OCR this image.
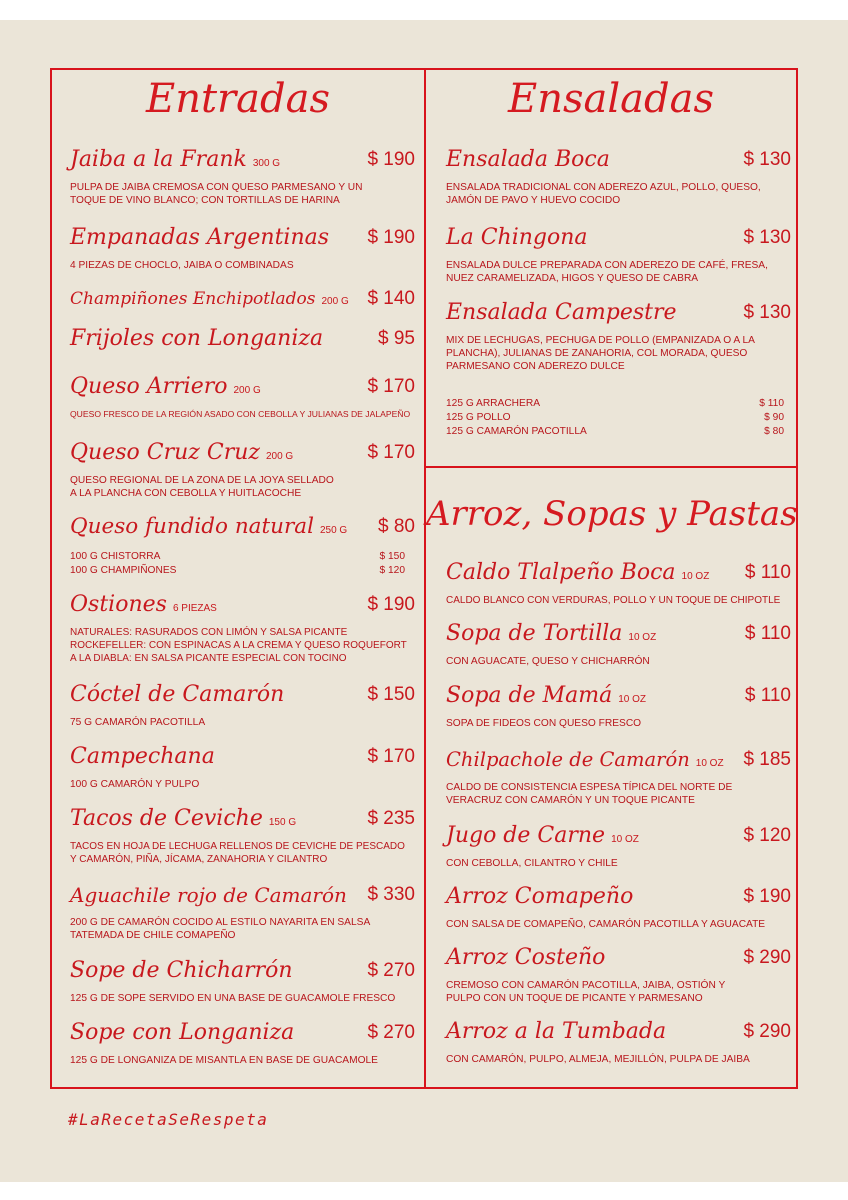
Entradas	Ensaladas
Arroz, Sopas y Pastas
Jaiba a la Frank 300 G	$ 190
PULPA DE JAIBA CREMOSA CON QUESO PARMESANO Y UN
TOQUE DE VINO BLANCO; CON TORTILLAS DE HARINA
Empanadas Argentinas	$ 190
4 PIEZAS DE CHOCLO, JAIBA O COMBINADAS
Champiñones Enchipotlados 200 G $ 140
Frijoles con Longaniza	$ 95
Queso Arriero 200 G	$ 170
QUESO FRESCO DE LA REGIÓN ASADO CON CEBOLLA Y JULIANAS DE JALAPEÑO
Queso Cruz Cruz 200 G	$ 170
QUESO REGIONAL DE LA ZONA DE LA JOYA SELLADO
A LA PLANCHA CON CEBOLLA Y HUITLACOCHE
Queso fundido natural 250 G	$ 80
100 G CHISTORRA	$ 150
100 G CHAMPIÑONES	$ 120
Ostiones 6 PIEZAS	$ 190
NATURALES: RASURADOS CON LIMÓN Y SALSA PICANTE
ROCKEFELLER: CON ESPINACAS A LA CREMA Y QUESO ROQUEFORT
A LA DIABLA: EN SALSA PICANTE ESPECIAL CON TOCINO
Cóctel de Camarón	$ 150
75 G CAMARÓN PACOTILLA
Campechana	$ 170
100 G CAMARÓN Y PULPO
Tacos de Ceviche 150 G	$ 235
TACOS EN HOJA DE LECHUGA RELLENOS DE CEVICHE DE PESCADO
Y CAMARÓN, PIÑA, JÍCAMA, ZANAHORIA Y CILANTRO
Aguachile rojo de Camarón	$ 330
200 G DE CAMARÓN COCIDO AL ESTILO NAYARITA EN SALSA
TATEMADA DE CHILE COMAPEÑO
Sope de Chicharrón	$ 270
125 G DE SOPE SERVIDO EN UNA BASE DE GUACAMOLE FRESCO
Sope con Longaniza	$ 270
125 G DE LONGANIZA DE MISANTLA EN BASE DE GUACAMOLE
Ensalada Boca	$ 130
ENSALADA TRADICIONAL CON ADEREZO AZUL, POLLO, QUESO,
JAMÓN DE PAVO Y HUEVO COCIDO
La Chingona	$ 130
ENSALADA DULCE PREPARADA CON ADEREZO DE CAFÉ, FRESA,
NUEZ CARAMELIZADA, HIGOS Y QUESO DE CABRA
Ensalada Campestre	$ 130
MIX DE LECHUGAS, PECHUGA DE POLLO (EMPANIZADA O A LA
PLANCHA), JULIANAS DE ZANAHORIA, COL MORADA, QUESO
PARMESANO CON ADEREZO DULCE
125 G ARRACHERA	$ 110
125 G POLLO	$ 90
125 G CAMARÓN PACOTILLA	$ 80
Caldo Tlalpeño Boca 10 OZ	$ 110
CALDO BLANCO CON VERDURAS, POLLO Y UN TOQUE DE CHIPOTLE
Sopa de Tortilla 10 OZ	$ 110
CON AGUACATE, QUESO Y CHICHARRÓN
Sopa de Mamá 10 OZ	$ 110
SOPA DE FIDEOS CON QUESO FRESCO
Chilpachole de Camarón 10 OZ	$ 185
CALDO DE CONSISTENCIA ESPESA TÍPICA DEL NORTE DE
VERACRUZ CON CAMARÓN Y UN TOQUE PICANTE
Jugo de Carne 10 OZ	$ 120
CON CEBOLLA, CILANTRO Y CHILE
Arroz Comapeño	$ 190
CON SALSA DE COMAPEÑO, CAMARÓN PACOTILLA Y AGUACATE
Arroz Costeño	$ 290
CREMOSO CON CAMARÓN PACOTILLA, JAIBA, OSTIÓN Y
PULPO CON UN TOQUE DE PICANTE Y PARMESANO
Arroz a la Tumbada	$ 290
CON CAMARÓN, PULPO, ALMEJA, MEJILLÓN, PULPA DE JAIBA
#LaRecetaSeRespeta
